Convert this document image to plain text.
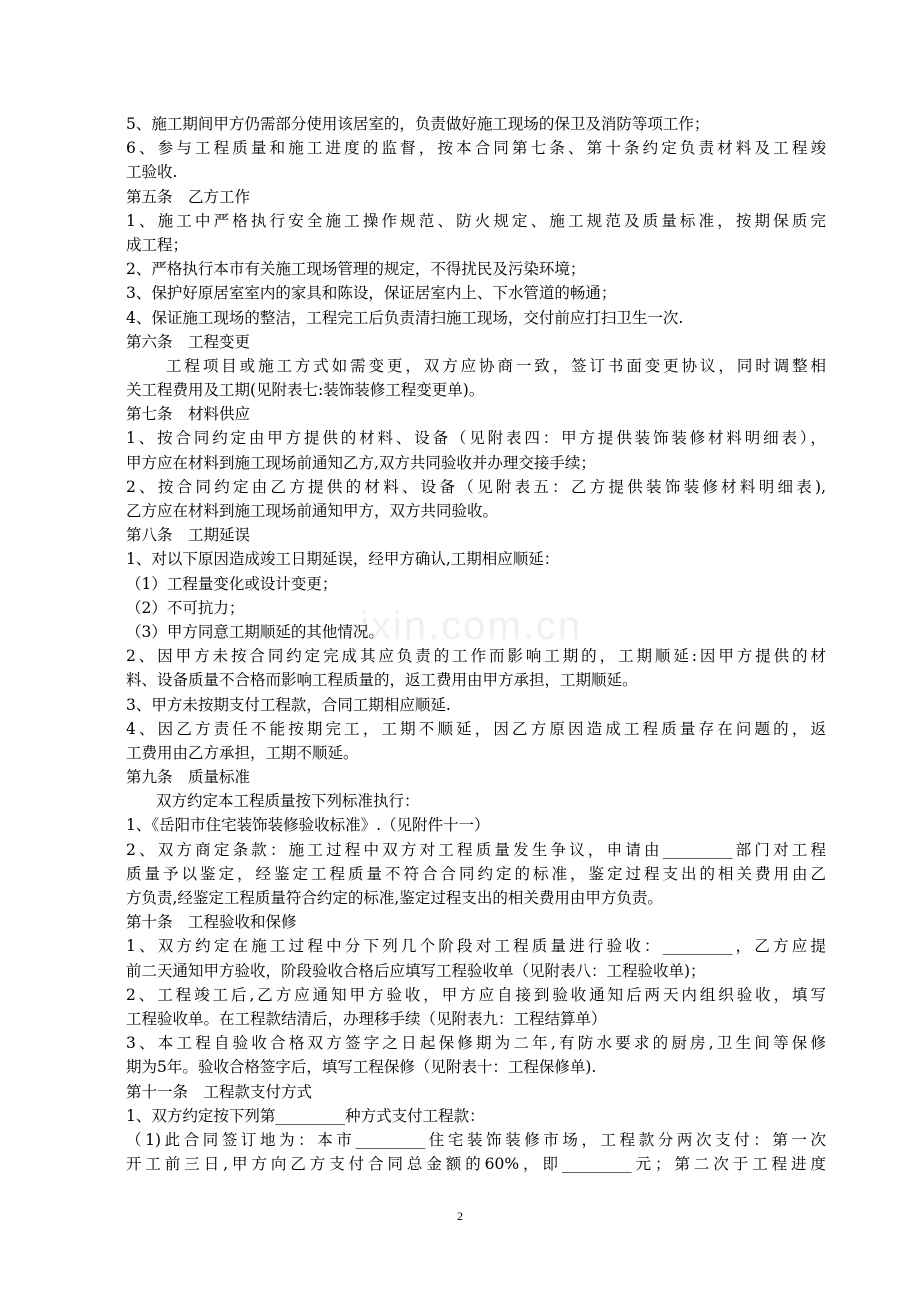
ixin.com.cn
5、施工期间甲方仍需部分使用该居室的，负责做好施工现场的保卫及消防等项工作；
6、参与工程质量和施工进度的监督，按本合同第七条、第十条约定负责材料及工程竣
工验收.
第五条　乙方工作
1、施工中严格执行安全施工操作规范、防火规定、施工规范及质量标准，按期保质完
成工程；
2、严格执行本市有关施工现场管理的规定，不得扰民及污染环境；
3、保护好原居室室内的家具和陈设，保证居室内上、下水管道的畅通；
4、保证施工现场的整洁，工程完工后负责清扫施工现场，交付前应打扫卫生一次.
第六条　工程变更
工程项目或施工方式如需变更，双方应协商一致，签订书面变更协议，同时调整相
关工程费用及工期(见附表七:装饰装修工程变更单)。
第七条　材料供应
1、按合同约定由甲方提供的材料、设备（见附表四：甲方提供装饰装修材料明细表），
甲方应在材料到施工现场前通知乙方,双方共同验收并办理交接手续；
2、按合同约定由乙方提供的材料、设备（见附表五：乙方提供装饰装修材料明细表),
乙方应在材料到施工现场前通知甲方，双方共同验收。
第八条　工期延误
1、对以下原因造成竣工日期延误，经甲方确认,工期相应顺延：
（1）工程量变化或设计变更；
（2）不可抗力；
（3）甲方同意工期顺延的其他情况。
2、因甲方未按合同约定完成其应负责的工作而影响工期的，工期顺延:因甲方提供的材
料、设备质量不合格而影响工程质量的，返工费用由甲方承担，工期顺延。
3、甲方未按期支付工程款，合同工期相应顺延.
4、因乙方责任不能按期完工，工期不顺延，因乙方原因造成工程质量存在问题的，返
工费用由乙方承担，工期不顺延。
第九条　质量标准
双方约定本工程质量按下列标准执行：
1、《岳阳市住宅装饰装修验收标准》.（见附件十一）
2、双方商定条款：施工过程中双方对工程质量发生争议，申请由_________部门对工程
质量予以鉴定，经鉴定工程质量不符合合同约定的标准，鉴定过程支出的相关费用由乙
方负责,经鉴定工程质量符合约定的标准,鉴定过程支出的相关费用由甲方负责。
第十条　工程验收和保修
1、双方约定在施工过程中分下列几个阶段对工程质量进行验收：_________，乙方应提
前二天通知甲方验收，阶段验收合格后应填写工程验收单（见附表八：工程验收单)；
2、工程竣工后,乙方应通知甲方验收，甲方应自接到验收通知后两天内组织验收，填写
工程验收单。在工程款结清后，办理移手续（见附表九：工程结算单）
3、本工程自验收合格双方签字之日起保修期为二年,有防水要求的厨房,卫生间等保修
期为5年。验收合格签字后，填写工程保修（见附表十：工程保修单).
第十一条　工程款支付方式
1、双方约定按下列第_________种方式支付工程款：
（1)此合同签订地为：本市_________住宅装饰装修市场，工程款分两次支付：第一次
开工前三日,甲方向乙方支付合同总金额的60%，即_________元；第二次于工程进度
2
